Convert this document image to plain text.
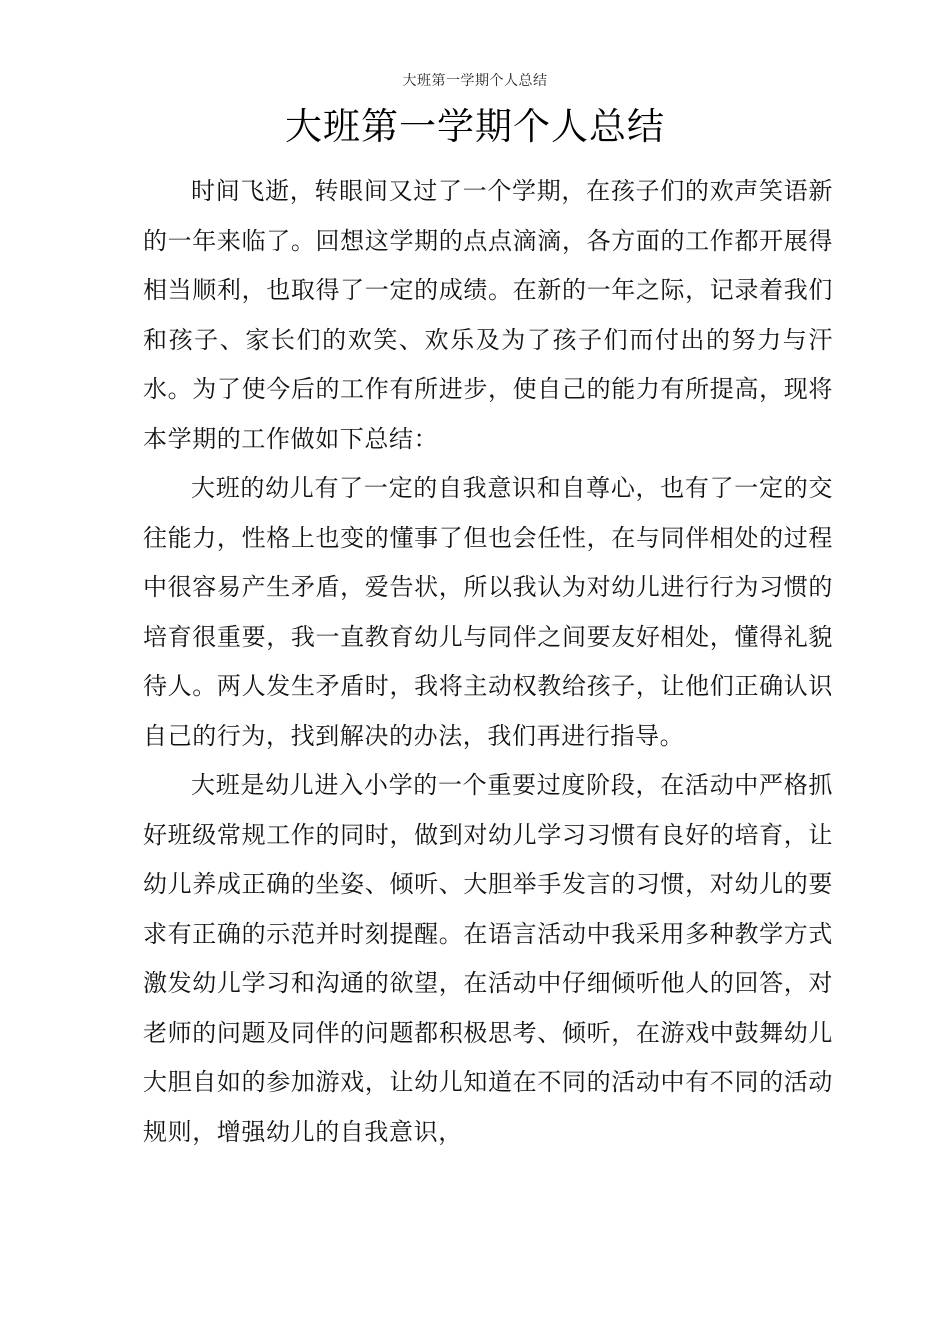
大班第一学期个人总结
大班第一学期个人总结

时间飞逝，转眼间又过了一个学期，在孩子们的欢声笑语新的一年来临了。回想这学期的点点滴滴，各方面的工作都开展得相当顺利，也取得了一定的成绩。在新的一年之际，记录着我们和孩子、家长们的欢笑、欢乐及为了孩子们而付出的努力与汗水。为了使今后的工作有所进步，使自己的能力有所提高，现将本学期的工作做如下总结：

大班的幼儿有了一定的自我意识和自尊心，也有了一定的交往能力，性格上也变的懂事了但也会任性，在与同伴相处的过程中很容易产生矛盾，爱告状，所以我认为对幼儿进行行为习惯的培育很重要，我一直教育幼儿与同伴之间要友好相处，懂得礼貌待人。两人发生矛盾时，我将主动权教给孩子，让他们正确认识自己的行为，找到解决的办法，我们再进行指导。

大班是幼儿进入小学的一个重要过度阶段，在活动中严格抓好班级常规工作的同时，做到对幼儿学习习惯有良好的培育，让幼儿养成正确的坐姿、倾听、大胆举手发言的习惯，对幼儿的要求有正确的示范并时刻提醒。在语言活动中我采用多种教学方式激发幼儿学习和沟通的欲望，在活动中仔细倾听他人的回答，对老师的问题及同伴的问题都积极思考、倾听，在游戏中鼓舞幼儿大胆自如的参加游戏，让幼儿知道在不同的活动中有不同的活动规则，增强幼儿的自我意识，
